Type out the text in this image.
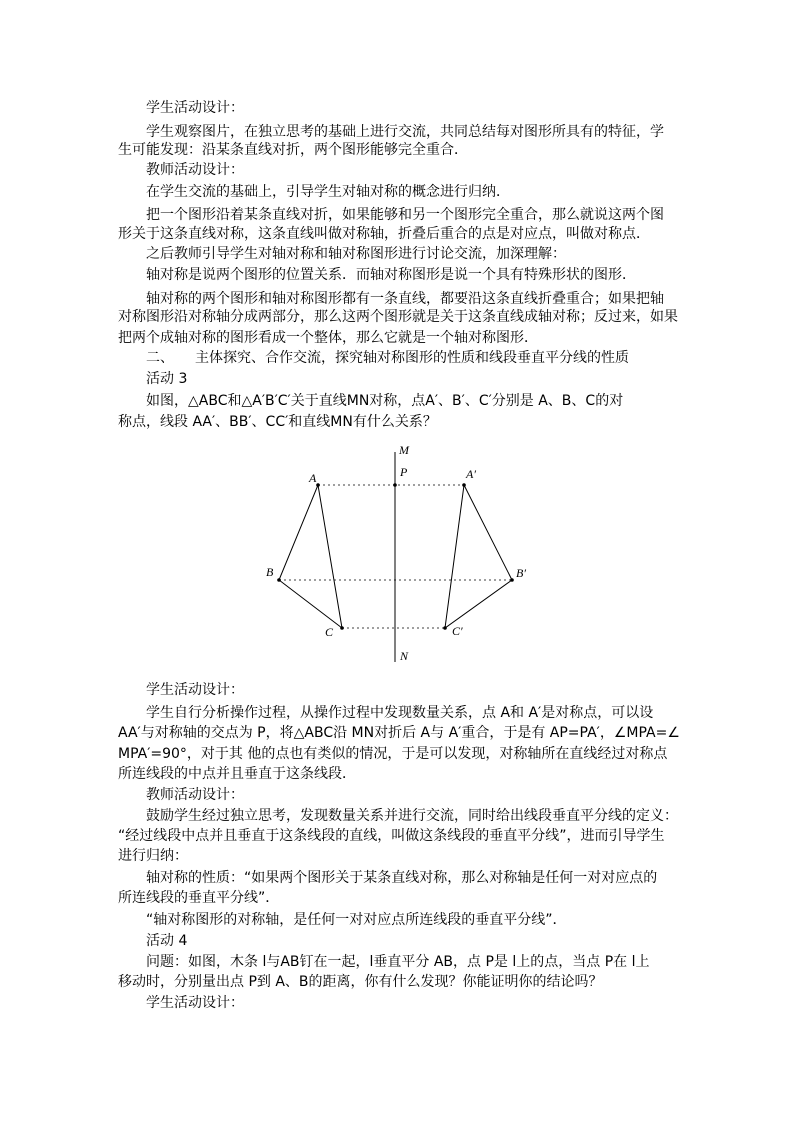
学生活动设计：
学生观察图片，在独立思考的基础上进行交流，共同总结每对图形所具有的特征，学
生可能发现：沿某条直线对折，两个图形能够完全重合．
教师活动设计：
在学生交流的基础上，引导学生对轴对称的概念进行归纳．
把一个图形沿着某条直线对折，如果能够和另一个图形完全重合，那么就说这两个图
形关于这条直线对称，这条直线叫做对称轴，折叠后重合的点是对应点，叫做对称点．
之后教师引导学生对轴对称和轴对称图形进行讨论交流，加深理解：
轴对称是说两个图形的位置关系．而轴对称图形是说一个具有特殊形状的图形．
轴对称的两个图形和轴对称图形都有一条直线，都要沿这条直线折叠重合；如果把轴
对称图形沿对称轴分成两部分，那么这两个图形就是关于这条直线成轴对称；反过来，如果
把两个成轴对称的图形看成一个整体，那么它就是一个轴对称图形．
二、　　主体探究、合作交流，探究轴对称图形的性质和线段垂直平分线的性质
活动 3
如图，△ABC和△A′B′C′关于直线MN对称，点A′、B′、C′分别是 A、B、C的对
称点，线段 AA′、BB′、CC′和直线MN有什么关系？
M
P
A	A′
B	B′
C	C′
N
学生活动设计：
学生自行分析操作过程，从操作过程中发现数量关系，点 A和 A′是对称点，可以设
AA′与对称轴的交点为 P，将△ABC沿 MN对折后 A与 A′重合，于是有 AP=PA′，∠MPA=∠
MPA′=90°，对于其 他的点也有类似的情况，于是可以发现，对称轴所在直线经过对称点
所连线段的中点并且垂直于这条线段．
教师活动设计：
鼓励学生经过独立思考，发现数量关系并进行交流，同时给出线段垂直平分线的定义：
“经过线段中点并且垂直于这条线段的直线，叫做这条线段的垂直平分线”，进而引导学生
进行归纳：
轴对称的性质：“如果两个图形关于某条直线对称，那么对称轴是任何一对对应点的
所连线段的垂直平分线”．
“轴对称图形的对称轴，是任何一对对应点所连线段的垂直平分线”．
活动 4
问题：如图，木条 l与AB钉在一起，l垂直平分 AB，点 P是 l上的点，当点 P在 l上
移动时，分别量出点 P到 A、B的距离，你有什么发现？你能证明你的结论吗？
学生活动设计：
